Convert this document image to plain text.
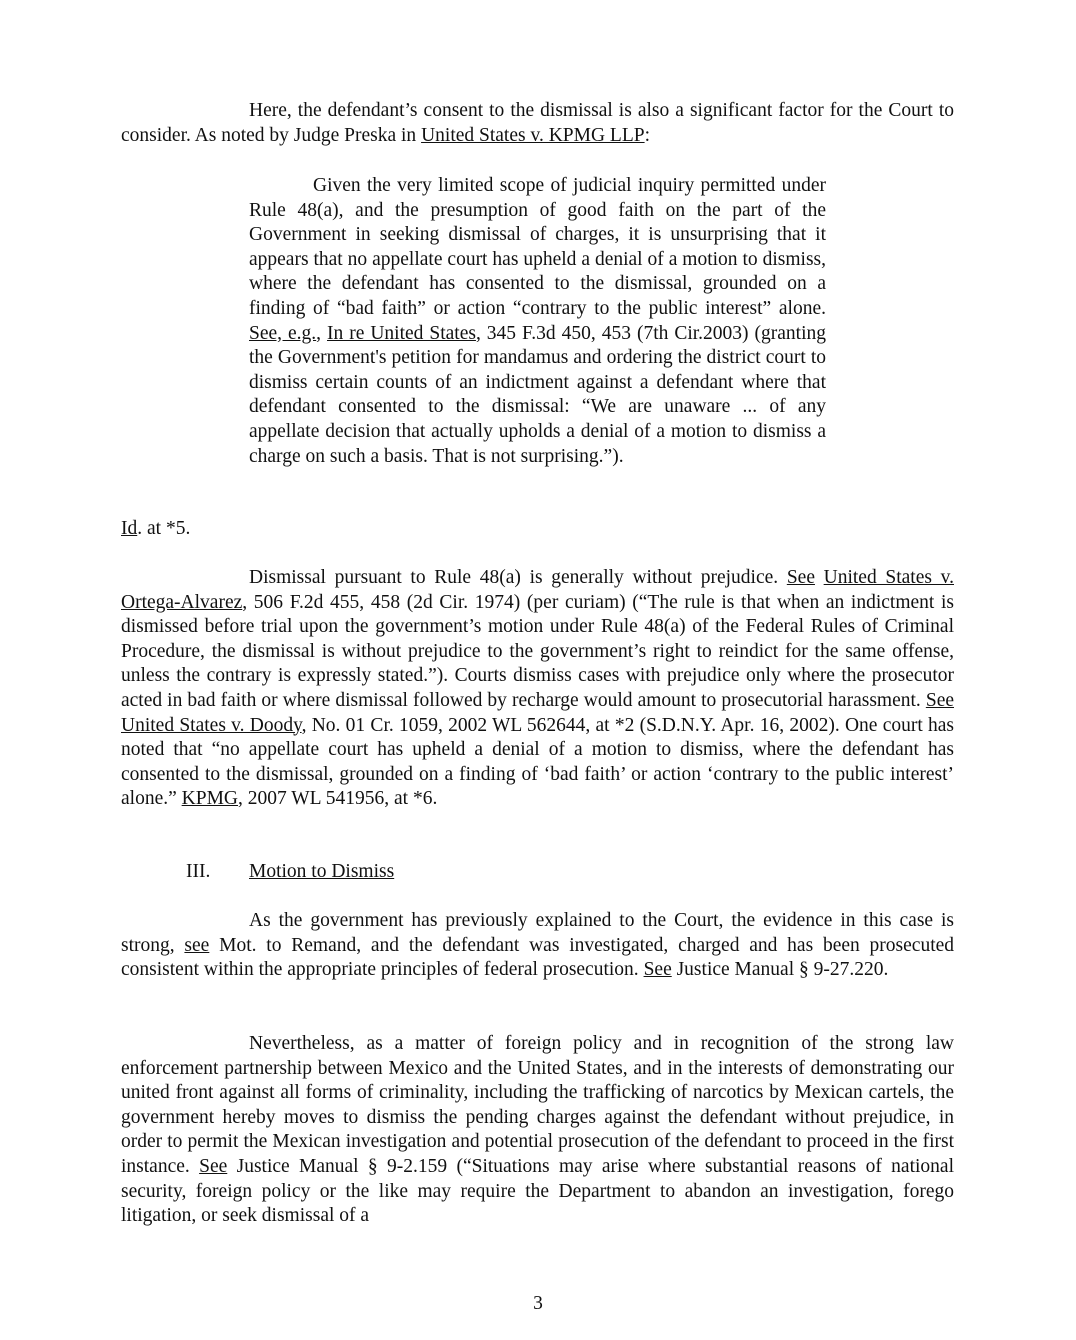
Here, the defendant’s consent to the dismissal is also a significant factor for the Court to consider. As noted by Judge Preska in United States v. KPMG LLP:

Given the very limited scope of judicial inquiry permitted under Rule 48(a), and the presumption of good faith on the part of the Government in seeking dismissal of charges, it is unsurprising that it appears that no appellate court has upheld a denial of a motion to dismiss, where the defendant has consented to the dismissal, grounded on a finding of “bad faith” or action “contrary to the public interest” alone. See, e.g., In re United States, 345 F.3d 450, 453 (7th Cir.2003) (granting the Government's petition for mandamus and ordering the district court to dismiss certain counts of an indictment against a defendant where that defendant consented to the dismissal: “We are unaware ... of any appellate decision that actually upholds a denial of a motion to dismiss a charge on such a basis. That is not surprising.”).

Id. at *5.

Dismissal pursuant to Rule 48(a) is generally without prejudice. See United States v. Ortega-Alvarez, 506 F.2d 455, 458 (2d Cir. 1974) (per curiam) (“The rule is that when an indictment is dismissed before trial upon the government’s motion under Rule 48(a) of the Federal Rules of Criminal Procedure, the dismissal is without prejudice to the government’s right to reindict for the same offense, unless the contrary is expressly stated.”). Courts dismiss cases with prejudice only where the prosecutor acted in bad faith or where dismissal followed by recharge would amount to prosecutorial harassment. See United States v. Doody, No. 01 Cr. 1059, 2002 WL 562644, at *2 (S.D.N.Y. Apr. 16, 2002). One court has noted that “no appellate court has upheld a denial of a motion to dismiss, where the defendant has consented to the dismissal, grounded on a finding of ‘bad faith’ or action ‘contrary to the public interest’ alone.” KPMG, 2007 WL 541956, at *6.

III. Motion to Dismiss

As the government has previously explained to the Court, the evidence in this case is strong, see Mot. to Remand, and the defendant was investigated, charged and has been prosecuted consistent within the appropriate principles of federal prosecution. See Justice Manual § 9-27.220.

Nevertheless, as a matter of foreign policy and in recognition of the strong law enforcement partnership between Mexico and the United States, and in the interests of demonstrating our united front against all forms of criminality, including the trafficking of narcotics by Mexican cartels, the government hereby moves to dismiss the pending charges against the defendant without prejudice, in order to permit the Mexican investigation and potential prosecution of the defendant to proceed in the first instance. See Justice Manual § 9-2.159 (“Situations may arise where substantial reasons of national security, foreign policy or the like may require the Department to abandon an investigation, forego litigation, or seek dismissal of a

3
